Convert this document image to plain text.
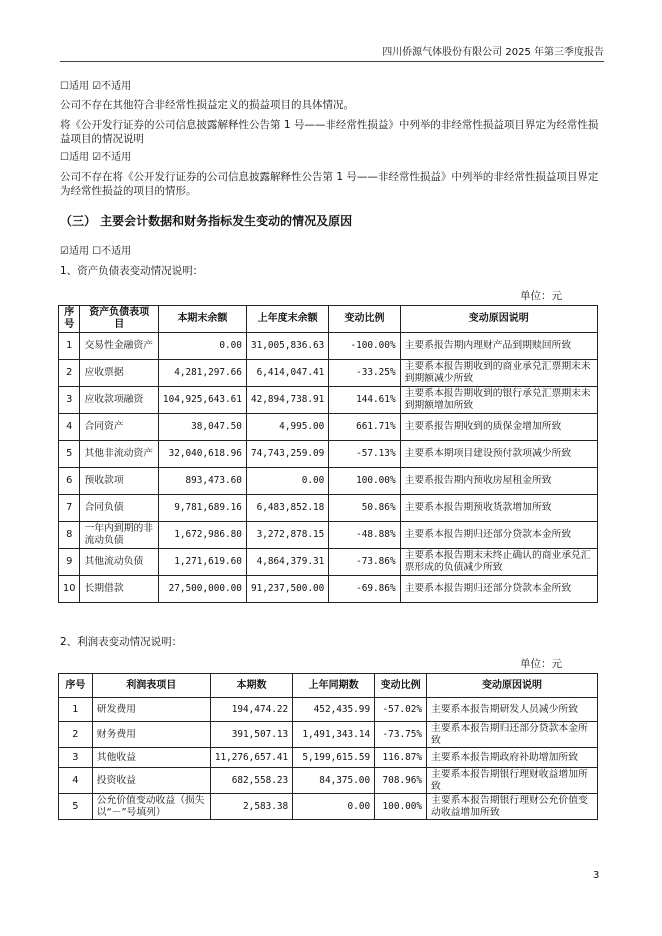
四川侨源气体股份有限公司 2025 年第三季度报告
☐适用 ☑不适用
公司不存在其他符合非经常性损益定义的损益项目的具体情况。
将《公开发行证券的公司信息披露解释性公告第 1 号——非经常性损益》中列举的非经常性损益项目界定为经常性损益项目的情况说明
☐适用 ☑不适用
公司不存在将《公开发行证券的公司信息披露解释性公告第 1 号——非经常性损益》中列举的非经常性损益项目界定为经常性损益的项目的情形。
（三） 主要会计数据和财务指标发生变动的情况及原因
☑适用 ☐不适用
1、资产负债表变动情况说明：
单位：元
序号	资产负债表项目	本期末余额	上年度末余额	变动比例	变动原因说明
1	交易性金融资产	0.00	31,005,836.63	-100.00%	主要系报告期内理财产品到期赎回所致
2	应收票据	4,281,297.66	6,414,047.41	-33.25%	主要系本报告期收到的商业承兑汇票期末未到期额减少所致
3	应收款项融资	104,925,643.61	42,894,738.91	144.61%	主要系本报告期收到的银行承兑汇票期末未到期额增加所致
4	合同资产	38,047.50	4,995.00	661.71%	主要系报告期收到的质保金增加所致
5	其他非流动资产	32,040,618.96	74,743,259.09	-57.13%	主要系本期项目建设预付款项减少所致
6	预收款项	893,473.60	0.00	100.00%	主要系报告期内预收房屋租金所致
7	合同负债	9,781,689.16	6,483,852.18	50.86%	主要系本报告期预收货款增加所致
8	一年内到期的非流动负债	1,672,986.80	3,272,878.15	-48.88%	主要系本报告期归还部分贷款本金所致
9	其他流动负债	1,271,619.60	4,864,379.31	-73.86%	主要系本报告期末未终止确认的商业承兑汇票形成的负债减少所致
10	长期借款	27,500,000.00	91,237,500.00	-69.86%	主要系本报告期归还部分贷款本金所致
2、利润表变动情况说明：
单位：元
序号	利润表项目	本期数	上年同期数	变动比例	变动原因说明
1	研发费用	194,474.22	452,435.99	-57.02%	主要系本报告期研发人员减少所致
2	财务费用	391,507.13	1,491,343.14	-73.75%	主要系本报告期归还部分贷款本金所致
3	其他收益	11,276,657.41	5,199,615.59	116.87%	主要系本报告期政府补助增加所致
4	投资收益	682,558.23	84,375.00	708.96%	主要系本报告期银行理财收益增加所致
5	公允价值变动收益（损失以“－”号填列）	2,583.38	0.00	100.00%	主要系本报告期银行理财公允价值变动收益增加所致
3
